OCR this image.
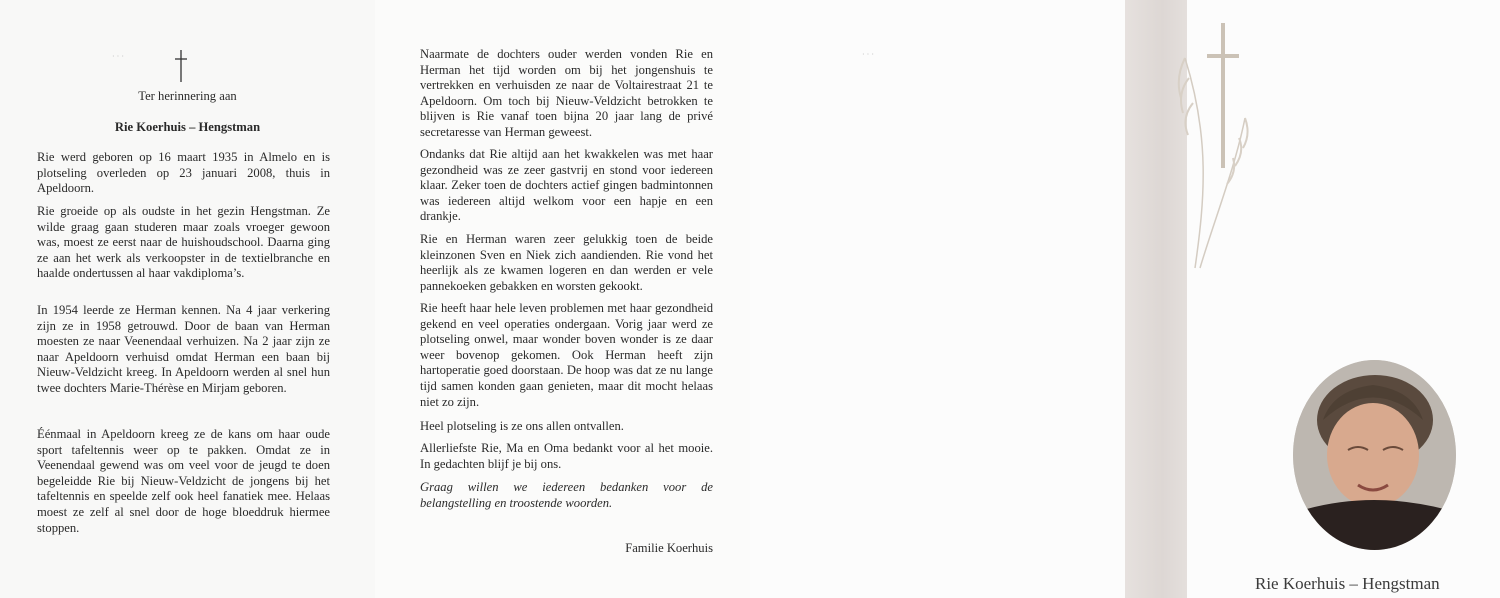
· · ·
Ter herinnering aan
Rie Koerhuis – Hengstman

Rie werd geboren op 16 maart 1935 in Almelo en is plotseling overleden op 23 januari 2008, thuis in Apeldoorn.

Rie groeide op als oudste in het gezin Hengstman. Ze wilde graag gaan studeren maar zoals vroeger gewoon was, moest ze eerst naar de huishoudschool. Daarna ging ze aan het werk als verkoopster in de textielbranche en haalde ondertussen al haar vakdiploma’s.

In 1954 leerde ze Herman kennen. Na 4 jaar verkering zijn ze in 1958 getrouwd. Door de baan van Herman moesten ze naar Veenendaal verhuizen. Na 2 jaar zijn ze naar Apeldoorn verhuisd omdat Herman een baan bij Nieuw-Veldzicht kreeg. In Apeldoorn werden al snel hun twee dochters Marie-Thérèse en Mirjam geboren.

Éénmaal in Apeldoorn kreeg ze de kans om haar oude sport tafeltennis weer op te pakken. Omdat ze in Veenendaal gewend was om veel voor de jeugd te doen begeleidde Rie bij Nieuw-Veldzicht de jongens bij het tafeltennis en speelde zelf ook heel fanatiek mee. Helaas moest ze zelf al snel door de hoge bloeddruk hiermee stoppen.

Naarmate de dochters ouder werden vonden Rie en Herman het tijd worden om bij het jongenshuis te vertrekken en verhuisden ze naar de Voltairestraat 21 te Apeldoorn. Om toch bij Nieuw-Veldzicht betrokken te blijven is Rie vanaf toen bijna 20 jaar lang de privé secretaresse van Herman geweest.

Ondanks dat Rie altijd aan het kwakkelen was met haar gezondheid was ze zeer gastvrij en stond voor iedereen klaar. Zeker toen de dochters actief gingen badmintonnen was iedereen altijd welkom voor een hapje en een drankje.

Rie en Herman waren zeer gelukkig toen de beide kleinzonen Sven en Niek zich aandienden. Rie vond het heerlijk als ze kwamen logeren en dan werden er vele pannekoeken gebakken en worsten gekookt.

Rie heeft haar hele leven problemen met haar gezondheid gekend en veel operaties ondergaan. Vorig jaar werd ze plotseling onwel, maar wonder boven wonder is ze daar weer bovenop gekomen. Ook Herman heeft zijn hartoperatie goed doorstaan. De hoop was dat ze nu lange tijd samen konden gaan genieten, maar dit mocht helaas niet zo zijn.

Heel plotseling is ze ons allen ontvallen.

Allerliefste Rie, Ma en Oma bedankt voor al het mooie. In gedachten blijf je bij ons.

Graag willen we iedereen bedanken voor de belangstelling en troostende woorden.

Familie Koerhuis
· · ·
Rie Koerhuis – Hengstman
